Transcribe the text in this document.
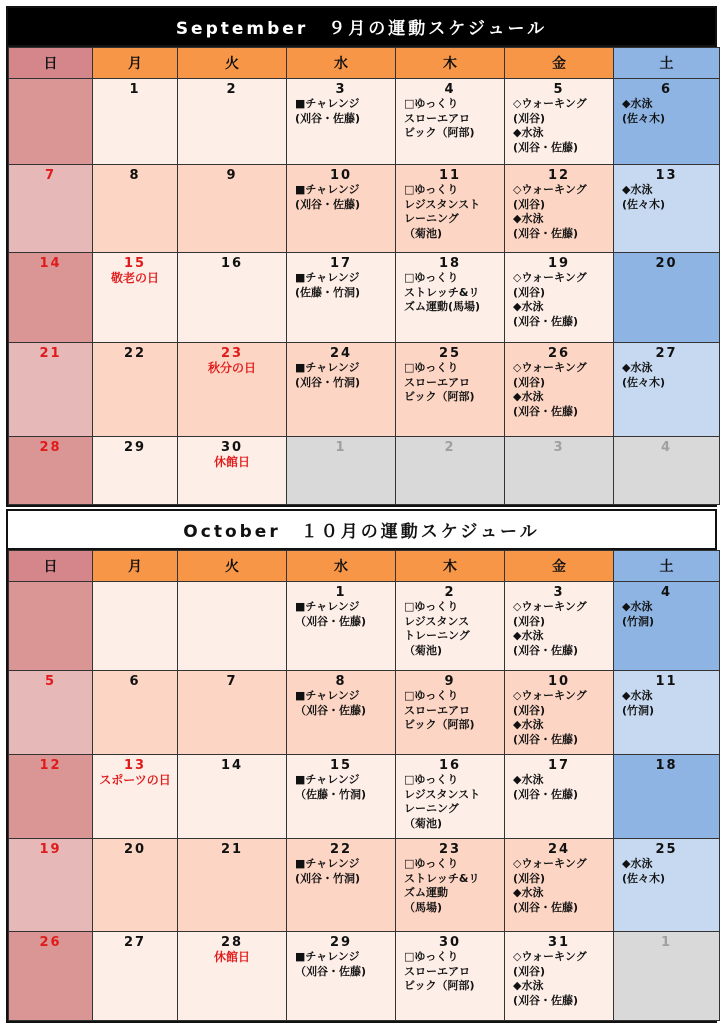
September　９月の運動スケジュール
日	月	火	水	木	金	土

	1	2	3
■チャレンジ
(刈谷・佐藤)	4
□ゆっくり
スローエアロ
ビック（阿部)	5
◇ウォーキング
(刈谷)
◆水泳
(刈谷・佐藤)	6
◆水泳
(佐々木)

7	8	9	10
■チャレンジ
(刈谷・佐藤)	11
□ゆっくり
レジスタンスト
レーニング
（菊池)	12
◇ウォーキング
(刈谷)
◆水泳
(刈谷・佐藤)	13
◆水泳
(佐々木)

14	15
敬老の日	16	17
■チャレンジ
(佐藤・竹洞)	18
□ゆっくり
ストレッチ&リ
ズム運動(馬場)	19
◇ウォーキング
(刈谷)
◆水泳
(刈谷・佐藤)	20

21	22	23
秋分の日	24
■チャレンジ
(刈谷・竹洞)	25
□ゆっくり
スローエアロ
ビック（阿部)	26
◇ウォーキング
(刈谷)
◆水泳
(刈谷・佐藤)	27
◆水泳
(佐々木)

28	29	30
休館日	1	2	3	4
October　１０月の運動スケジュール
日	月	火	水	木	金	土

			1
■チャレンジ
（刈谷・佐藤)	2
□ゆっくり
レジスタンス
トレーニング
（菊池)	3
◇ウォーキング
(刈谷)
◆水泳
(刈谷・佐藤)	4
◆水泳
(竹洞)

5	6	7	8
■チャレンジ
（刈谷・佐藤)	9
□ゆっくり
スローエアロ
ビック（阿部)	10
◇ウォーキング
(刈谷)
◆水泳
(刈谷・佐藤)	11
◆水泳
(竹洞)

12	13
スポーツの日	14	15
■チャレンジ
（佐藤・竹洞)	16
□ゆっくり
レジスタンスト
レーニング
（菊池)	17
◆水泳
(刈谷・佐藤)	18

19	20	21	22
■チャレンジ
(刈谷・竹洞)	23
□ゆっくり
ストレッチ&リ
ズム運動
（馬場)	24
◇ウォーキング
(刈谷)
◆水泳
(刈谷・佐藤)	25
◆水泳
(佐々木)

26	27	28
休館日	29
■チャレンジ
（刈谷・佐藤)	30
□ゆっくり
スローエアロ
ビック（阿部)	31
◇ウォーキング
(刈谷)
◆水泳
(刈谷・佐藤)	1
